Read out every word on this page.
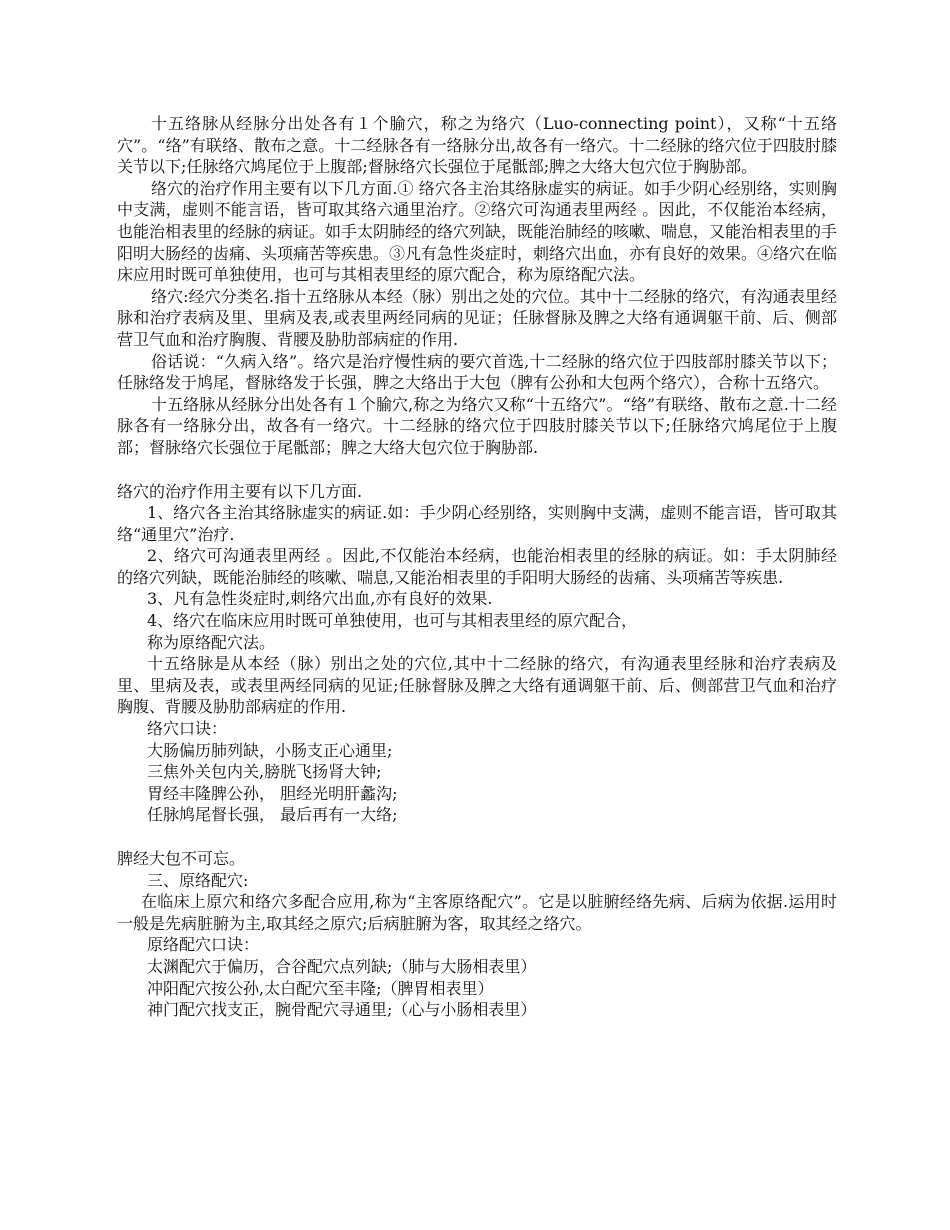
十五络脉从经脉分出处各有１个腧穴，称之为络穴（Luo-connecting point），又称“十五络穴”。“络”有联络、散布之意。十二经脉各有一络脉分出,故各有一络穴。十二经脉的络穴位于四肢肘膝关节以下;任脉络穴鸠尾位于上腹部;督脉络穴长强位于尾骶部;脾之大络大包穴位于胸胁部。

络穴的治疗作用主要有以下几方面.① 络穴各主治其络脉虚实的病证。如手少阴心经别络，实则胸中支满，虚则不能言语，皆可取其络六通里治疗。②络穴可沟通表里两经 。因此，不仅能治本经病，也能治相表里的经脉的病证。如手太阴肺经的络穴列缺，既能治肺经的咳嗽、喘息，又能治相表里的手阳明大肠经的齿痛、头项痛苦等疾患。③凡有急性炎症时，刺络穴出血，亦有良好的效果。④络穴在临床应用时既可单独使用，也可与其相表里经的原穴配合，称为原络配穴法。

络穴:经穴分类名.指十五络脉从本经（脉）别出之处的穴位。其中十二经脉的络穴，有沟通表里经脉和治疗表病及里、里病及表,或表里两经同病的见证；任脉督脉及脾之大络有通调躯干前、后、侧部营卫气血和治疗胸腹、背腰及胁肋部病症的作用.

俗话说：“久病入络”。络穴是治疗慢性病的要穴首选,十二经脉的络穴位于四肢部肘膝关节以下；任脉络发于鸠尾，督脉络发于长强，脾之大络出于大包（脾有公孙和大包两个络穴），合称十五络穴。

十五络脉从经脉分出处各有１个腧穴,称之为络穴又称“十五络穴”。“络”有联络、散布之意.十二经脉各有一络脉分出，故各有一络穴。十二经脉的络穴位于四肢肘膝关节以下;任脉络穴鸠尾位于上腹部；督脉络穴长强位于尾骶部；脾之大络大包穴位于胸胁部.

络穴的治疗作用主要有以下几方面.

1、络穴各主治其络脉虚实的病证.如：手少阴心经别络，实则胸中支满，虚则不能言语，皆可取其络“通里穴”治疗.

2、络穴可沟通表里两经 。因此,不仅能治本经病，也能治相表里的经脉的病证。如：手太阴肺经的络穴列缺，既能治肺经的咳嗽、喘息,又能治相表里的手阳明大肠经的齿痛、头项痛苦等疾患.

3、凡有急性炎症时,刺络穴出血,亦有良好的效果.

4、络穴在临床应用时既可单独使用，也可与其相表里经的原穴配合，

称为原络配穴法。

十五络脉是从本经（脉）别出之处的穴位,其中十二经脉的络穴，有沟通表里经脉和治疗表病及里、里病及表，或表里两经同病的见证;任脉督脉及脾之大络有通调躯干前、后、侧部营卫气血和治疗胸腹、背腰及胁肋部病症的作用.

络穴口诀：

大肠偏历肺列缺，小肠支正心通里;

三焦外关包内关,膀胱飞扬肾大钟;

胃经丰隆脾公孙， 胆经光明肝蠡沟;

任脉鸠尾督长强， 最后再有一大络;

脾经大包不可忘。

三、原络配穴:

在临床上原穴和络穴多配合应用,称为“主客原络配穴”。它是以脏腑经络先病、后病为依据.运用时一般是先病脏腑为主,取其经之原穴;后病脏腑为客，取其经之络穴。

原络配穴口诀：

太渊配穴于偏历，合谷配穴点列缺;（肺与大肠相表里）

冲阳配穴按公孙,太白配穴至丰隆;（脾胃相表里）

神门配穴找支正，腕骨配穴寻通里;（心与小肠相表里）
